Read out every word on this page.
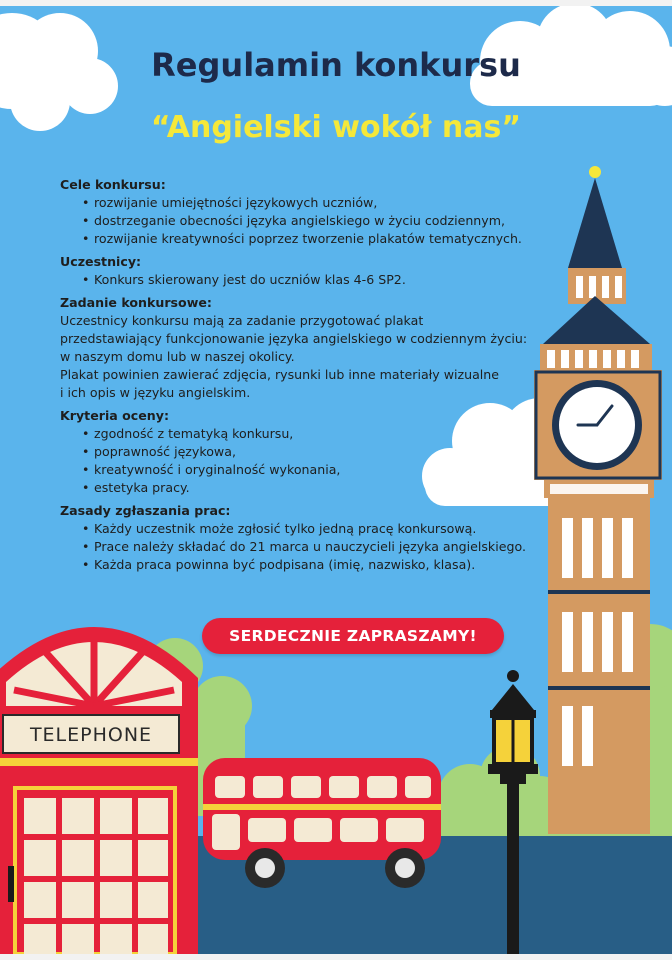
Regulamin konkursu
“Angielski wokół nas”

Cele konkursu:

• rozwijanie umiejętności językowych uczniów,
• dostrzeganie obecności języka angielskiego w życiu codziennym,
• rozwijanie kreatywności poprzez tworzenie plakatów tematycznych.

Uczestnicy:

• Konkurs skierowany jest do uczniów klas 4-6 SP2.

Zadanie konkursowe:

Uczestnicy konkursu mają za zadanie przygotować plakat

przedstawiający funkcjonowanie języka angielskiego w codziennym życiu:

w naszym domu lub w naszej okolicy.

Plakat powinien zawierać zdjęcia, rysunki lub inne materiały wizualne

i ich opis w języku angielskim.

Kryteria oceny:

• zgodność z tematyką konkursu,
• poprawność językowa,
• kreatywność i oryginalność wykonania,
• estetyka pracy.

Zasady zgłaszania prac:

• Każdy uczestnik może zgłosić tylko jedną pracę konkursową.
• Prace należy składać do 21 marca u nauczycieli języka angielskiego.
• Każda praca powinna być podpisana (imię, nazwisko, klasa).
SERDECZNIE ZAPRASZAMY!
TELEPHONE
